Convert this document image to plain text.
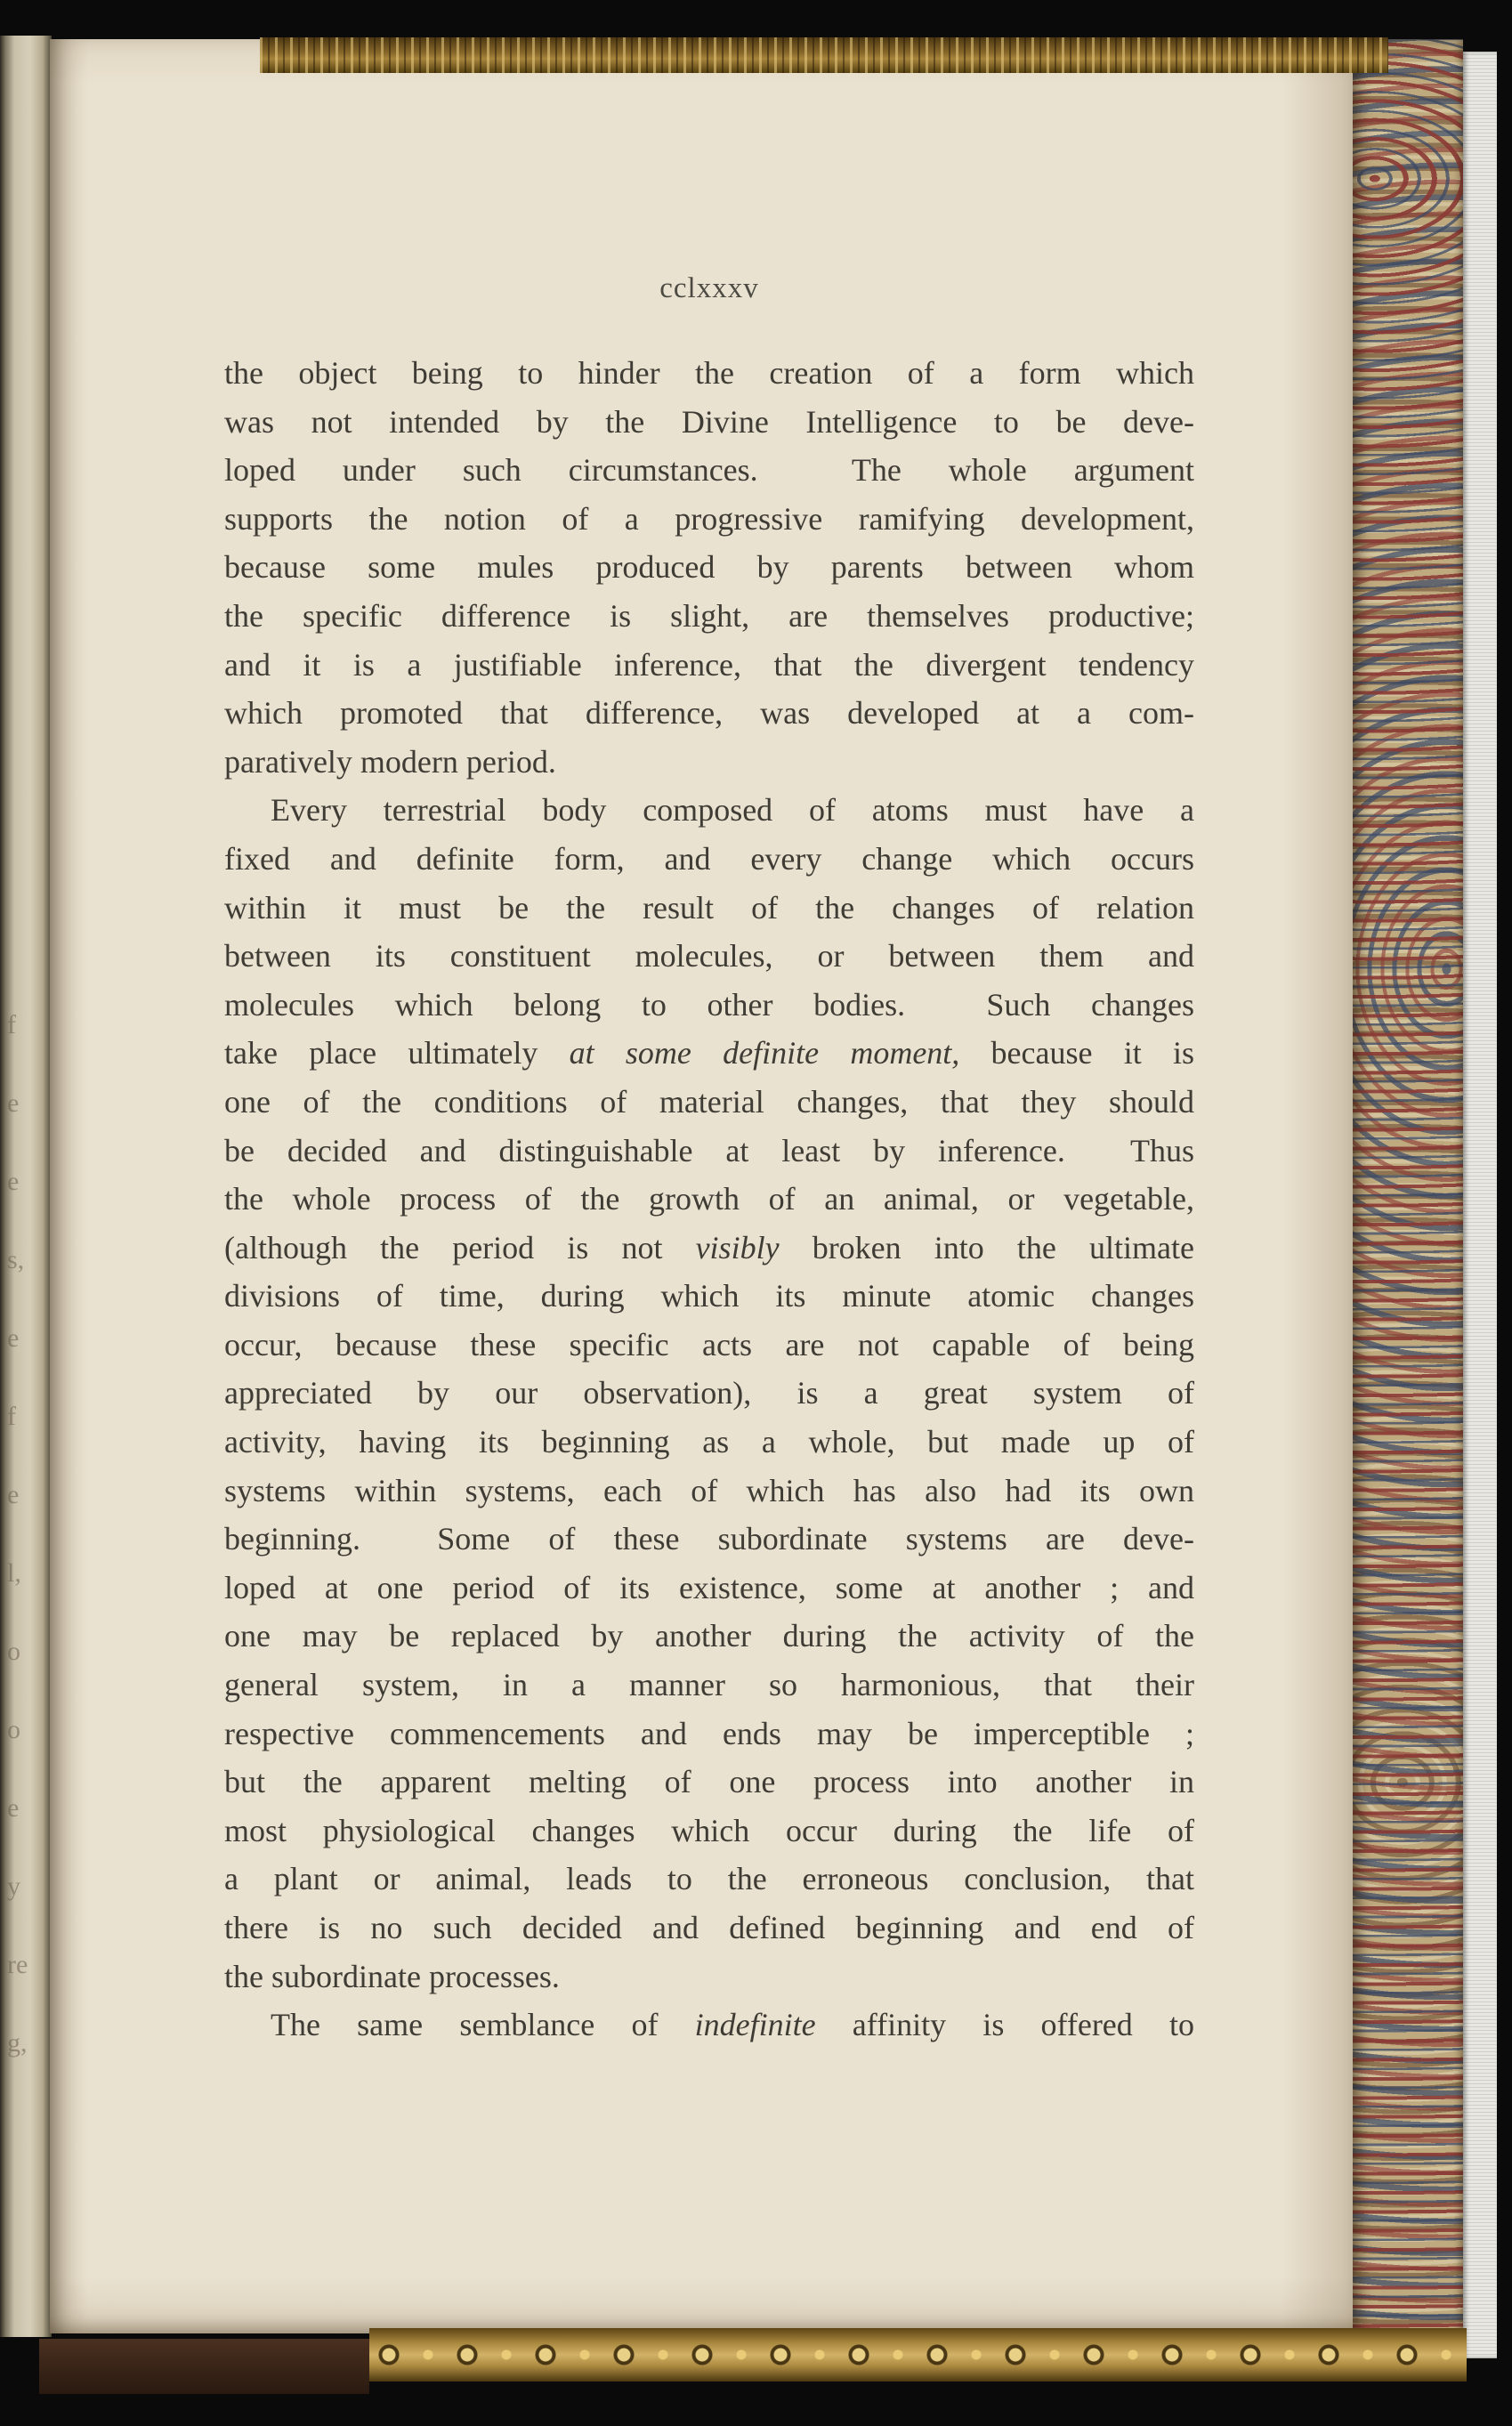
f
e
e
s,
e
f
e
l,
o
o
e
y
re
g,
cclxxxv
the object being to hinder the creation of a form which
was not intended by the Divine Intelligence to be deve-
loped under such circumstances.  The whole argument
supports the notion of a progressive ramifying development,
because some mules produced by parents between whom
the specific difference is slight, are themselves productive;
and it is a justifiable inference, that the divergent tendency
which promoted that difference, was developed at a com-
paratively modern period.
Every terrestrial body composed of atoms must have a
fixed and definite form, and every change which occurs
within it must be the result of the changes of relation
between its constituent molecules, or between them and
molecules which belong to other bodies.  Such changes
take place ultimately at some definite moment, because it is
one of the conditions of material changes, that they should
be decided and distinguishable at least by inference.  Thus
the whole process of the growth of an animal, or vegetable,
(although the period is not visibly broken into the ultimate
divisions of time, during which its minute atomic changes
occur, because these specific acts are not capable of being
appreciated by our observation), is a great system of
activity, having its beginning as a whole, but made up of
systems within systems, each of which has also had its own
beginning.  Some of these subordinate systems are deve-
loped at one period of its existence, some at another ; and
one may be replaced by another during the activity of the
general system, in a manner so harmonious, that their
respective commencements and ends may be imperceptible ;
but the apparent melting of one process into another in
most physiological changes which occur during the life of
a plant or animal, leads to the erroneous conclusion, that
there is no such decided and defined beginning and end of
the subordinate processes.
The same semblance of indefinite affinity is offered to
